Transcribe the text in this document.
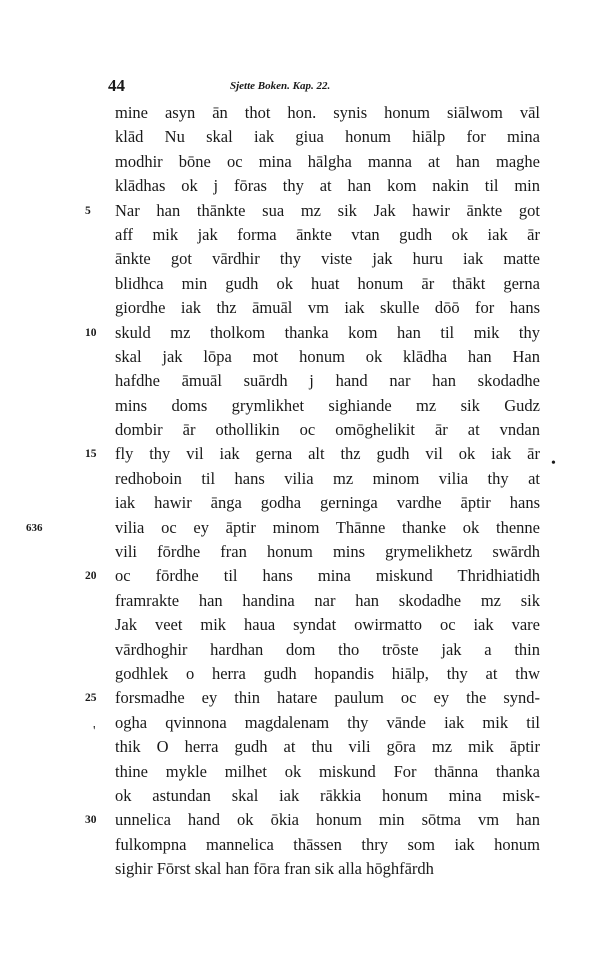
44	Sjette Boken. Kap. 22.
mine asyn ān thot hon. synis honum siālwom vāl
klād Nu skal iak giua honum hiālp for mina
modhir bōne oc mina hālgha manna at han maghe
klādhas ok j fōras thy at han kom nakin til min
Nar han thānkte sua mz sik Jak hawir ānkte got
5
aff mik jak forma ānkte vtan gudh ok iak ār
ānkte got vārdhir thy viste jak huru iak matte
blidhca min gudh ok huat honum ār thākt gerna
giordhe iak thz āmuāl vm iak skulle dōō for hans
skuld mz tholkom thanka kom han til mik thy
10
skal jak lōpa mot honum ok klādha han Han
hafdhe āmuāl suārdh j hand nar han skodadhe
mins doms grymlikhet sighiande mz sik Gudz
dombir ār othollikin oc omōghelikit ār at vndan
fly thy vil iak gerna alt thz gudh vil ok iak ār
15
redhoboin til hans vilia mz minom vilia thy at
iak hawir ānga godha gerninga vardhe āptir hans
vilia oc ey āptir minom Thānne thanke ok thenne
636
vili fōrdhe fran honum mins grymelikhetz swārdh
oc fōrdhe til hans mina miskund Thridhiatidh
20
framrakte han handina nar han skodadhe mz sik
Jak veet mik haua syndat owirmatto oc iak vare
vārdhoghir hardhan dom tho trōste jak a thin
godhlek o herra gudh hopandis hiālp, thy at thw
forsmadhe ey thin hatare paulum oc ey the synd-
25
ogha qvinnona magdalenam thy vānde iak mik til
thik O herra gudh at thu vili gōra mz mik āptir
thine mykle milhet ok miskund For thānna thanka
ok astundan skal iak rākkia honum mina misk-
unnelica hand ok ōkia honum min sōtma vm han
30
fulkompna mannelica thāssen thry som iak honum
sighir Fōrst skal han fōra fran sik alla hōghfārdh
•
'
